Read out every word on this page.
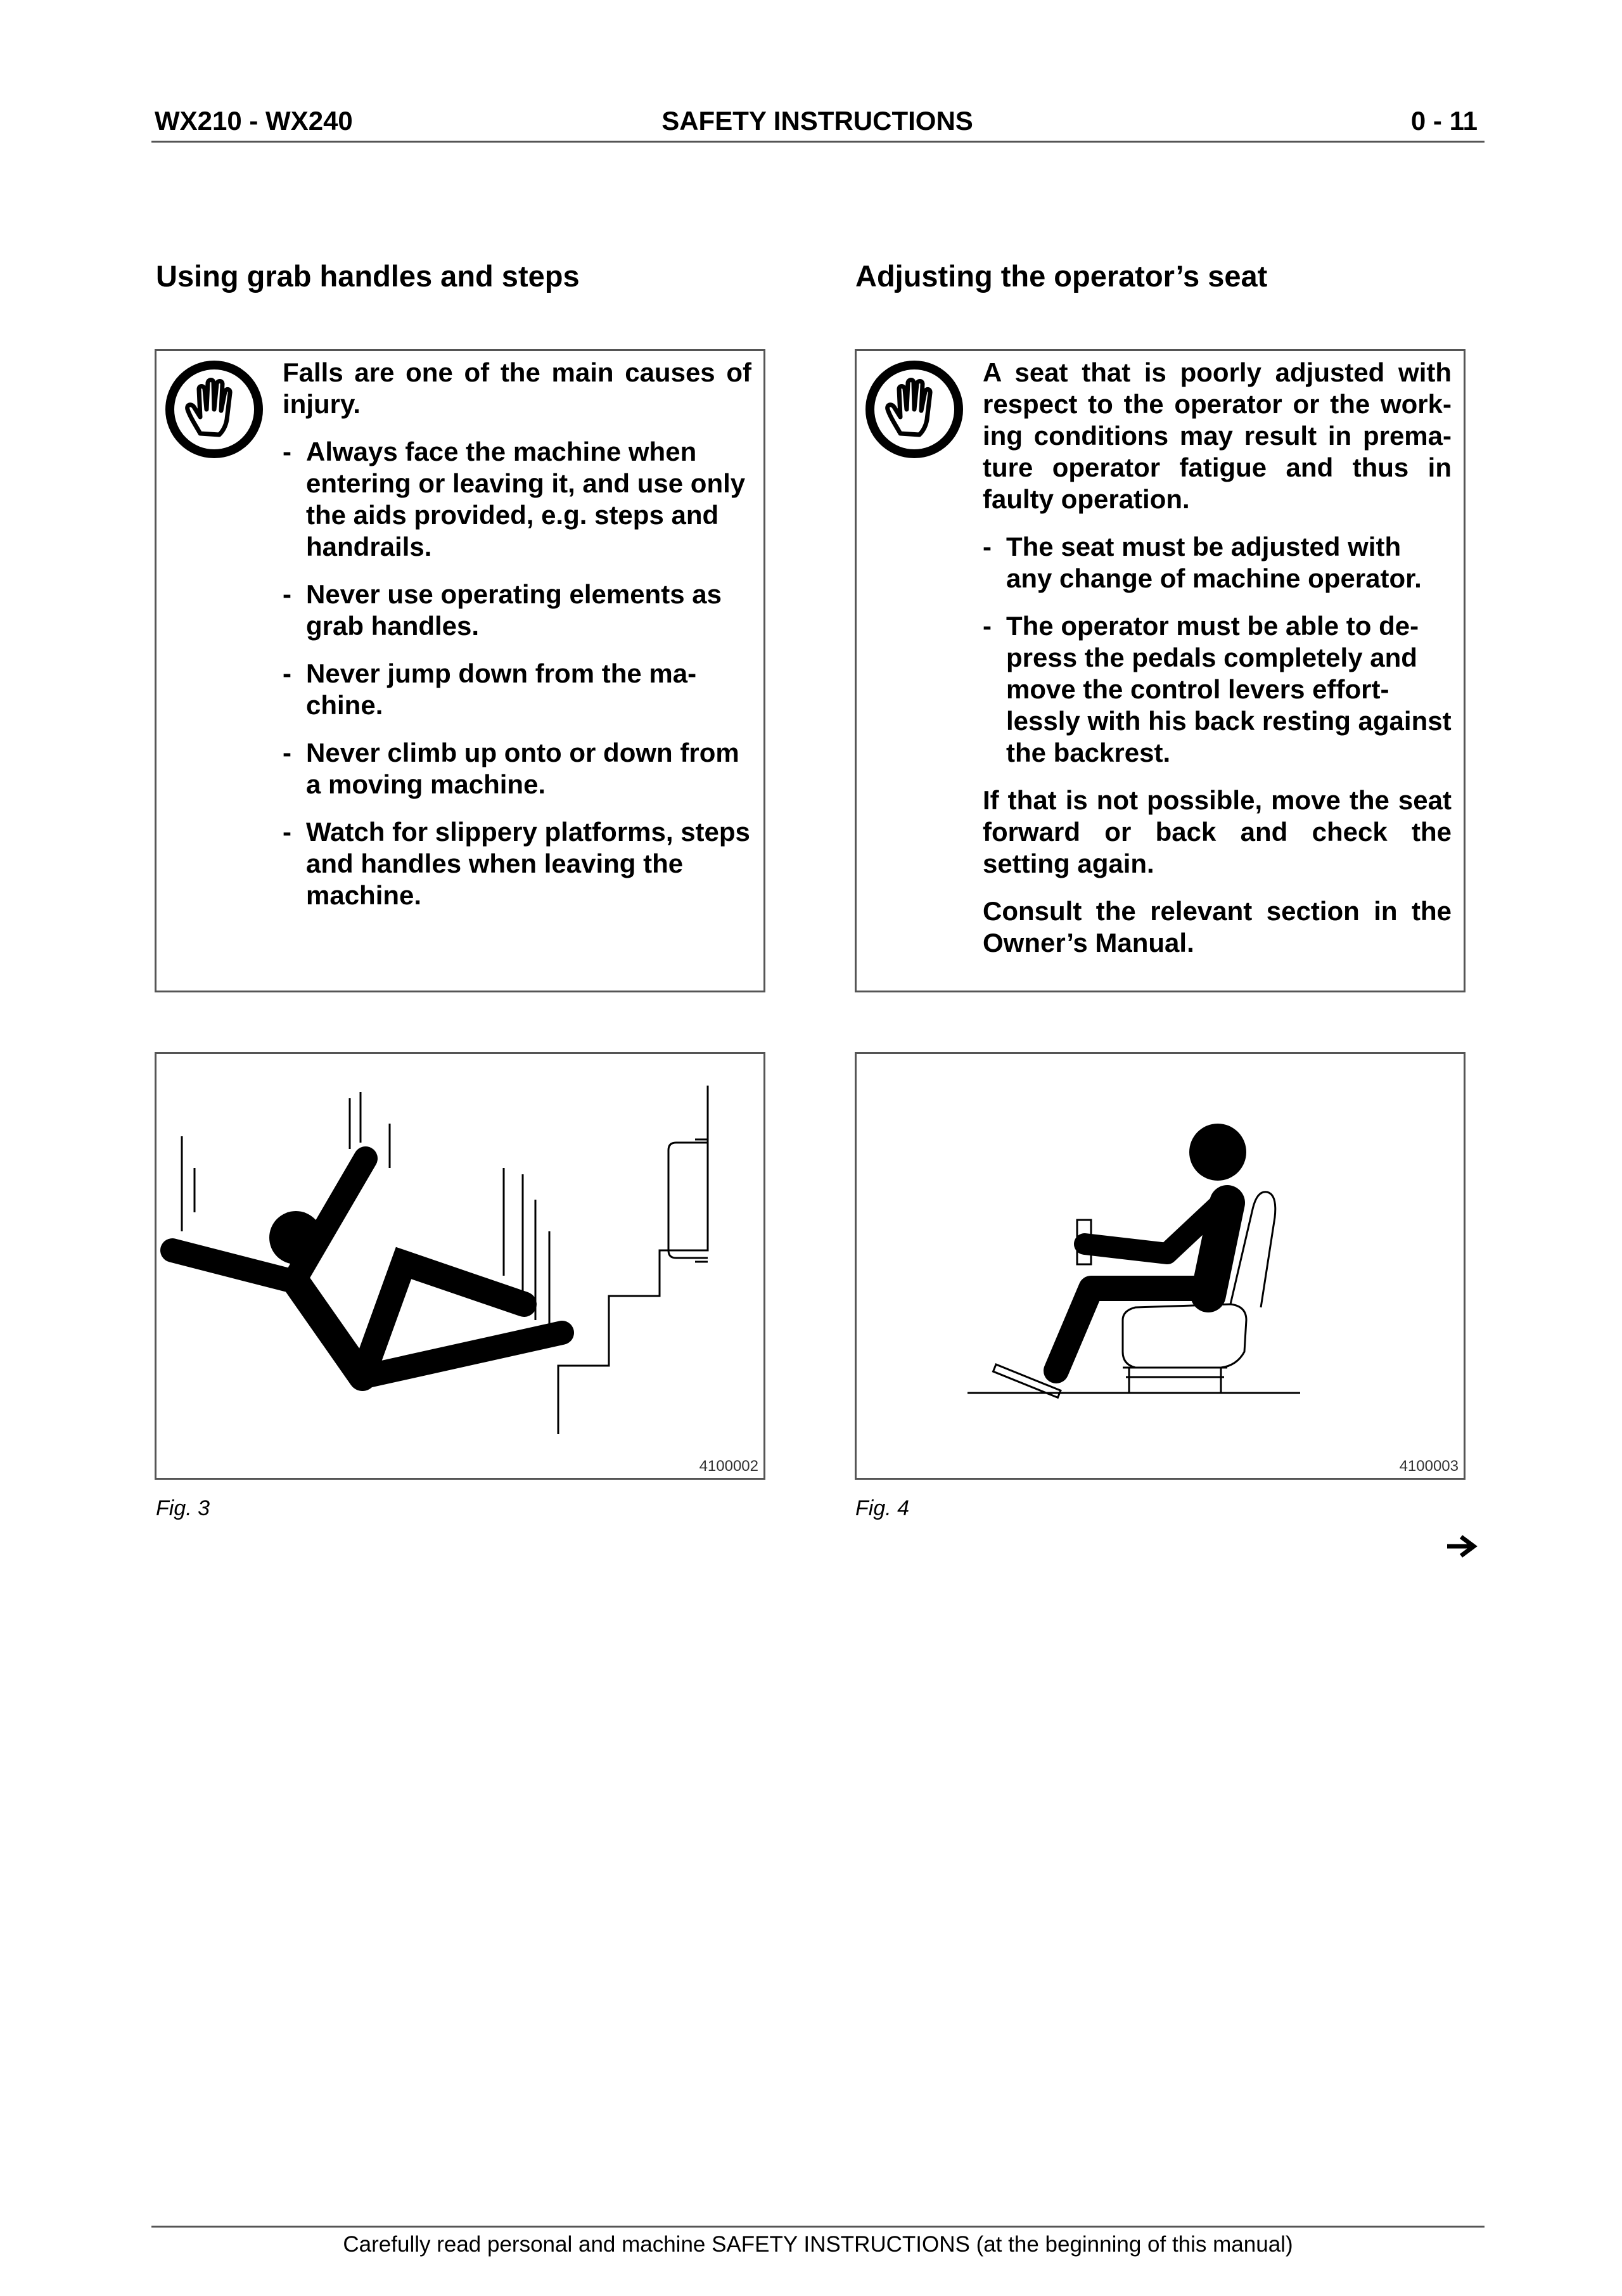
WX210 - WX240	SAFETY INSTRUCTIONS	0 - 11
Using grab handles and steps

Falls are one of the main causes of injury.

- Always face the machine when entering or leaving it, and use only the aids provided, e.g. steps and handrails.
- Never use operating elements as grab handles.
- Never jump down from the ma-chine.
- Never climb up onto or down from a moving machine.
- Watch for slippery platforms, steps and handles when leaving the machine.
4100002
Fig. 3
Adjusting the operator’s seat

A seat that is poorly adjusted with respect to the operator or the work-ing conditions may result in prema-ture operator fatigue and thus in faulty operation.

- The seat must be adjusted with any change of machine operator.
- The operator must be able to de-press the pedals completely and move the control levers effort-lessly with his back resting against the backrest.

If that is not possible, move the seat forward or back and check the setting again.

Consult the relevant section in the Owner’s Manual.

4100003
Fig. 4
Carefully read personal and machine SAFETY INSTRUCTIONS (at the beginning of this manual)
